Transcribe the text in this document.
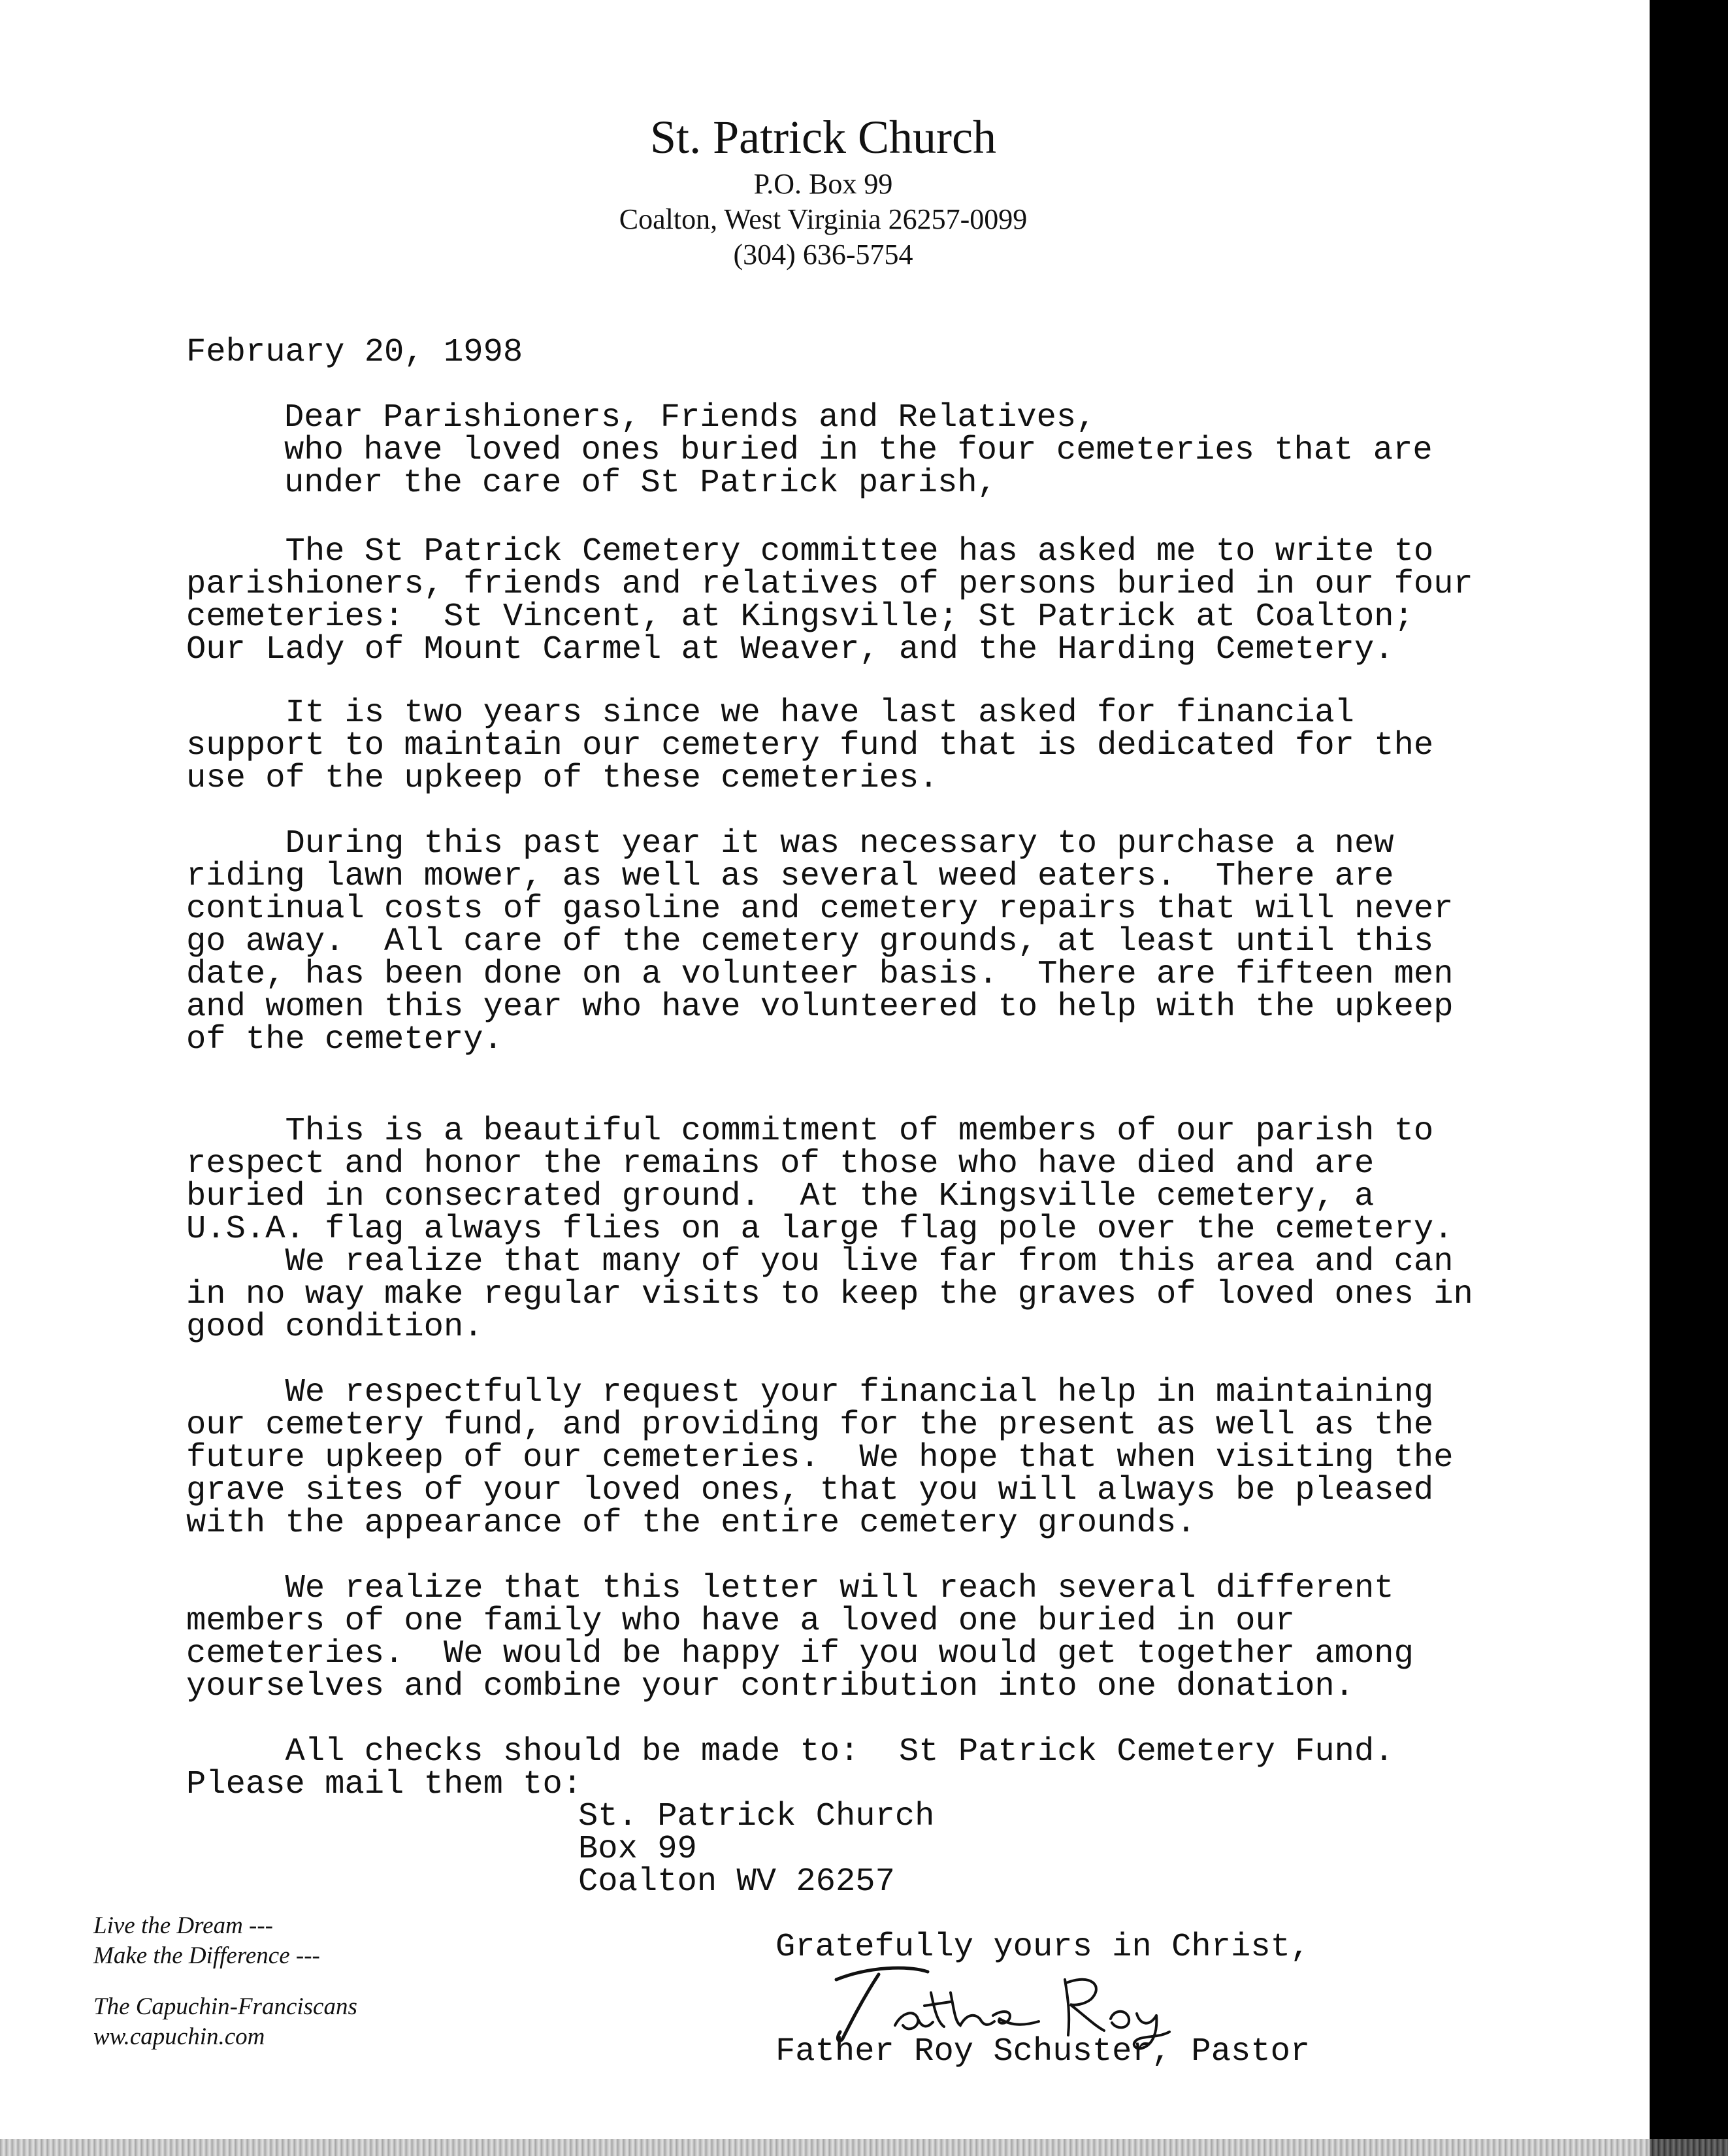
St. Patrick Church
P.O. Box 99
Coalton, West Virginia 26257-0099
(304) 636-5754
February 20, 1998
Dear Parishioners, Friends and Relatives,
who have loved ones buried in the four cemeteries that are
under the care of St Patrick parish,
The St Patrick Cemetery committee has asked me to write to
parishioners, friends and relatives of persons buried in our four
cemeteries:  St Vincent, at Kingsville; St Patrick at Coalton;
Our Lady of Mount Carmel at Weaver, and the Harding Cemetery.
It is two years since we have last asked for financial
support to maintain our cemetery fund that is dedicated for the
use of the upkeep of these cemeteries.
During this past year it was necessary to purchase a new
riding lawn mower, as well as several weed eaters.  There are
continual costs of gasoline and cemetery repairs that will never
go away.  All care of the cemetery grounds, at least until this
date, has been done on a volunteer basis.  There are fifteen men
and women this year who have volunteered to help with the upkeep
of the cemetery.
This is a beautiful commitment of members of our parish to
respect and honor the remains of those who have died and are
buried in consecrated ground.  At the Kingsville cemetery, a
U.S.A. flag always flies on a large flag pole over the cemetery.
We realize that many of you live far from this area and can
in no way make regular visits to keep the graves of loved ones in
good condition.
We respectfully request your financial help in maintaining
our cemetery fund, and providing for the present as well as the
future upkeep of our cemeteries.  We hope that when visiting the
grave sites of your loved ones, that you will always be pleased
with the appearance of the entire cemetery grounds.
We realize that this letter will reach several different
members of one family who have a loved one buried in our
cemeteries.  We would be happy if you would get together among
yourselves and combine your contribution into one donation.
All checks should be made to:  St Patrick Cemetery Fund.
Please mail them to:
St. Patrick Church
Box 99
Coalton WV 26257
Gratefully yours in Christ,
Father Roy Schuster, Pastor
Live the Dream ---
Make the Difference ---
The Capuchin-Franciscans
ww.capuchin.com
